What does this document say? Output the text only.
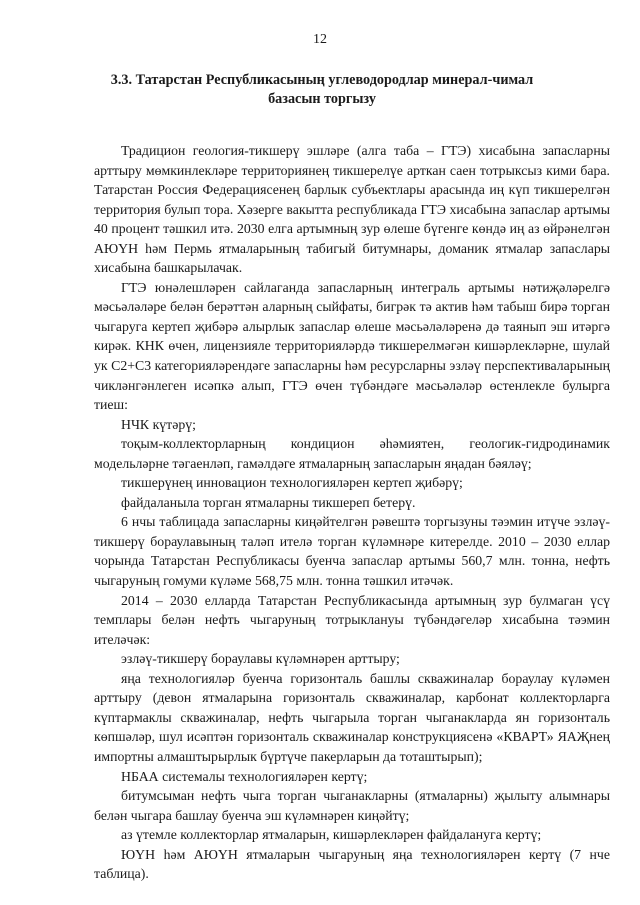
12
3.3. Татарстан Республикасының углеводородлар минерал-чимал базасын торгызу

Традицион геология-тикшерү эшләре (алга таба – ГТЭ) хисабына запасларны арттыру мөмкинлекләре территориянең тикшерелүе арткан саен тотрыксыз кими бара. Татарстан Россия Федерациясенең барлык субъектлары арасында иң күп тикшерелгән территория булып тора. Хәзерге вакытта республикада ГТЭ хисабына запаслар артымы 40 процент тәшкил итә. 2030 елга артымның зур өлеше бүгенге көндә иң аз өйрәнелгән АЮҮН һәм Пермь ятмаларының табигый битумнары, доманик ятмалар запаслары хисабына башкарылачак.

ГТЭ юнәлешләрен сайлаганда запасларның интеграль артымы нәтиҗәләрелгә мәсьәләләре белән берәттән аларның сыйфаты, бигрәк тә актив һәм табыш бирә торган чыгаруга кертеп җибәрә алырлык запаслар өлеше мәсьәләләренә дә таянып эш итәргә кирәк. КНК өчен, лицензияле территорияләрдә тикшерелмәгән кишәрлекләрне, шулай ук C2+C3 категорияләрендәге запасларны һәм ресурсларны эзләү перспективаларының чикләнгәнлеген исәпкә алып, ГТЭ өчен түбәндәге мәсьәләләр өстенлекле булырга тиеш:

НЧК күтәрү;

тоқым-коллекторларның кондицион әһәмиятен, геологик-гидродинамик модельләрне тәгаенләп, гамәлдәге ятмаларның запасларын яңадан бәяләү;

тикшерүнең инновацион технологияләрен кертеп җибәрү;

файдаланыла торган ятмаларны тикшереп бетерү.

6 нчы таблицада запасларны киңәйтелгән рәвештә торгызуны тәэмин итүче эзләү-тикшерү бораулавының таләп ителә торган күләмнәре китерелде. 2010 – 2030 еллар чорында Татарстан Республикасы буенча запаслар артымы 560,7 млн. тонна, нефть чыгаруның гомуми күләме 568,75 млн. тонна тәшкил итәчәк.

2014 – 2030 елларда Татарстан Республикасында артымның зур булмаган үсү темплары белән нефть чыгаруның тотрыклануы түбәндәгеләр хисабына тәэмин ителәчәк:

эзләү-тикшерү бораулавы күләмнәрен арттыру;

яңа технологияләр буенча горизонталь башлы скважиналар бораулау күләмен арттыру (девон ятмаларына горизонталь скважиналар, карбонат коллекторларга күптармаклы скважиналар, нефть чыгарыла торган чыганакларда ян горизонталь көпшәләр, шул исәптән горизонталь скважиналар конструкциясенә «КВАРТ» ЯАҖнең импортны алмаштырырлык бүртүче пакерларын да тоташтырып);

НБАА системалы технологияләрен кертү;

битумсыман нефть чыга торган чыганакларны (ятмаларны) җылыту алымнары белән чыгара башлау буенча эш күләмнәрен киңәйтү;

аз үтемле коллекторлар ятмаларын, кишәрлекләрен файдалануга кертү;

ЮҮН һәм АЮҮН ятмаларын чыгаруның яңа технологияләрен кертү (7 нче таблица).
